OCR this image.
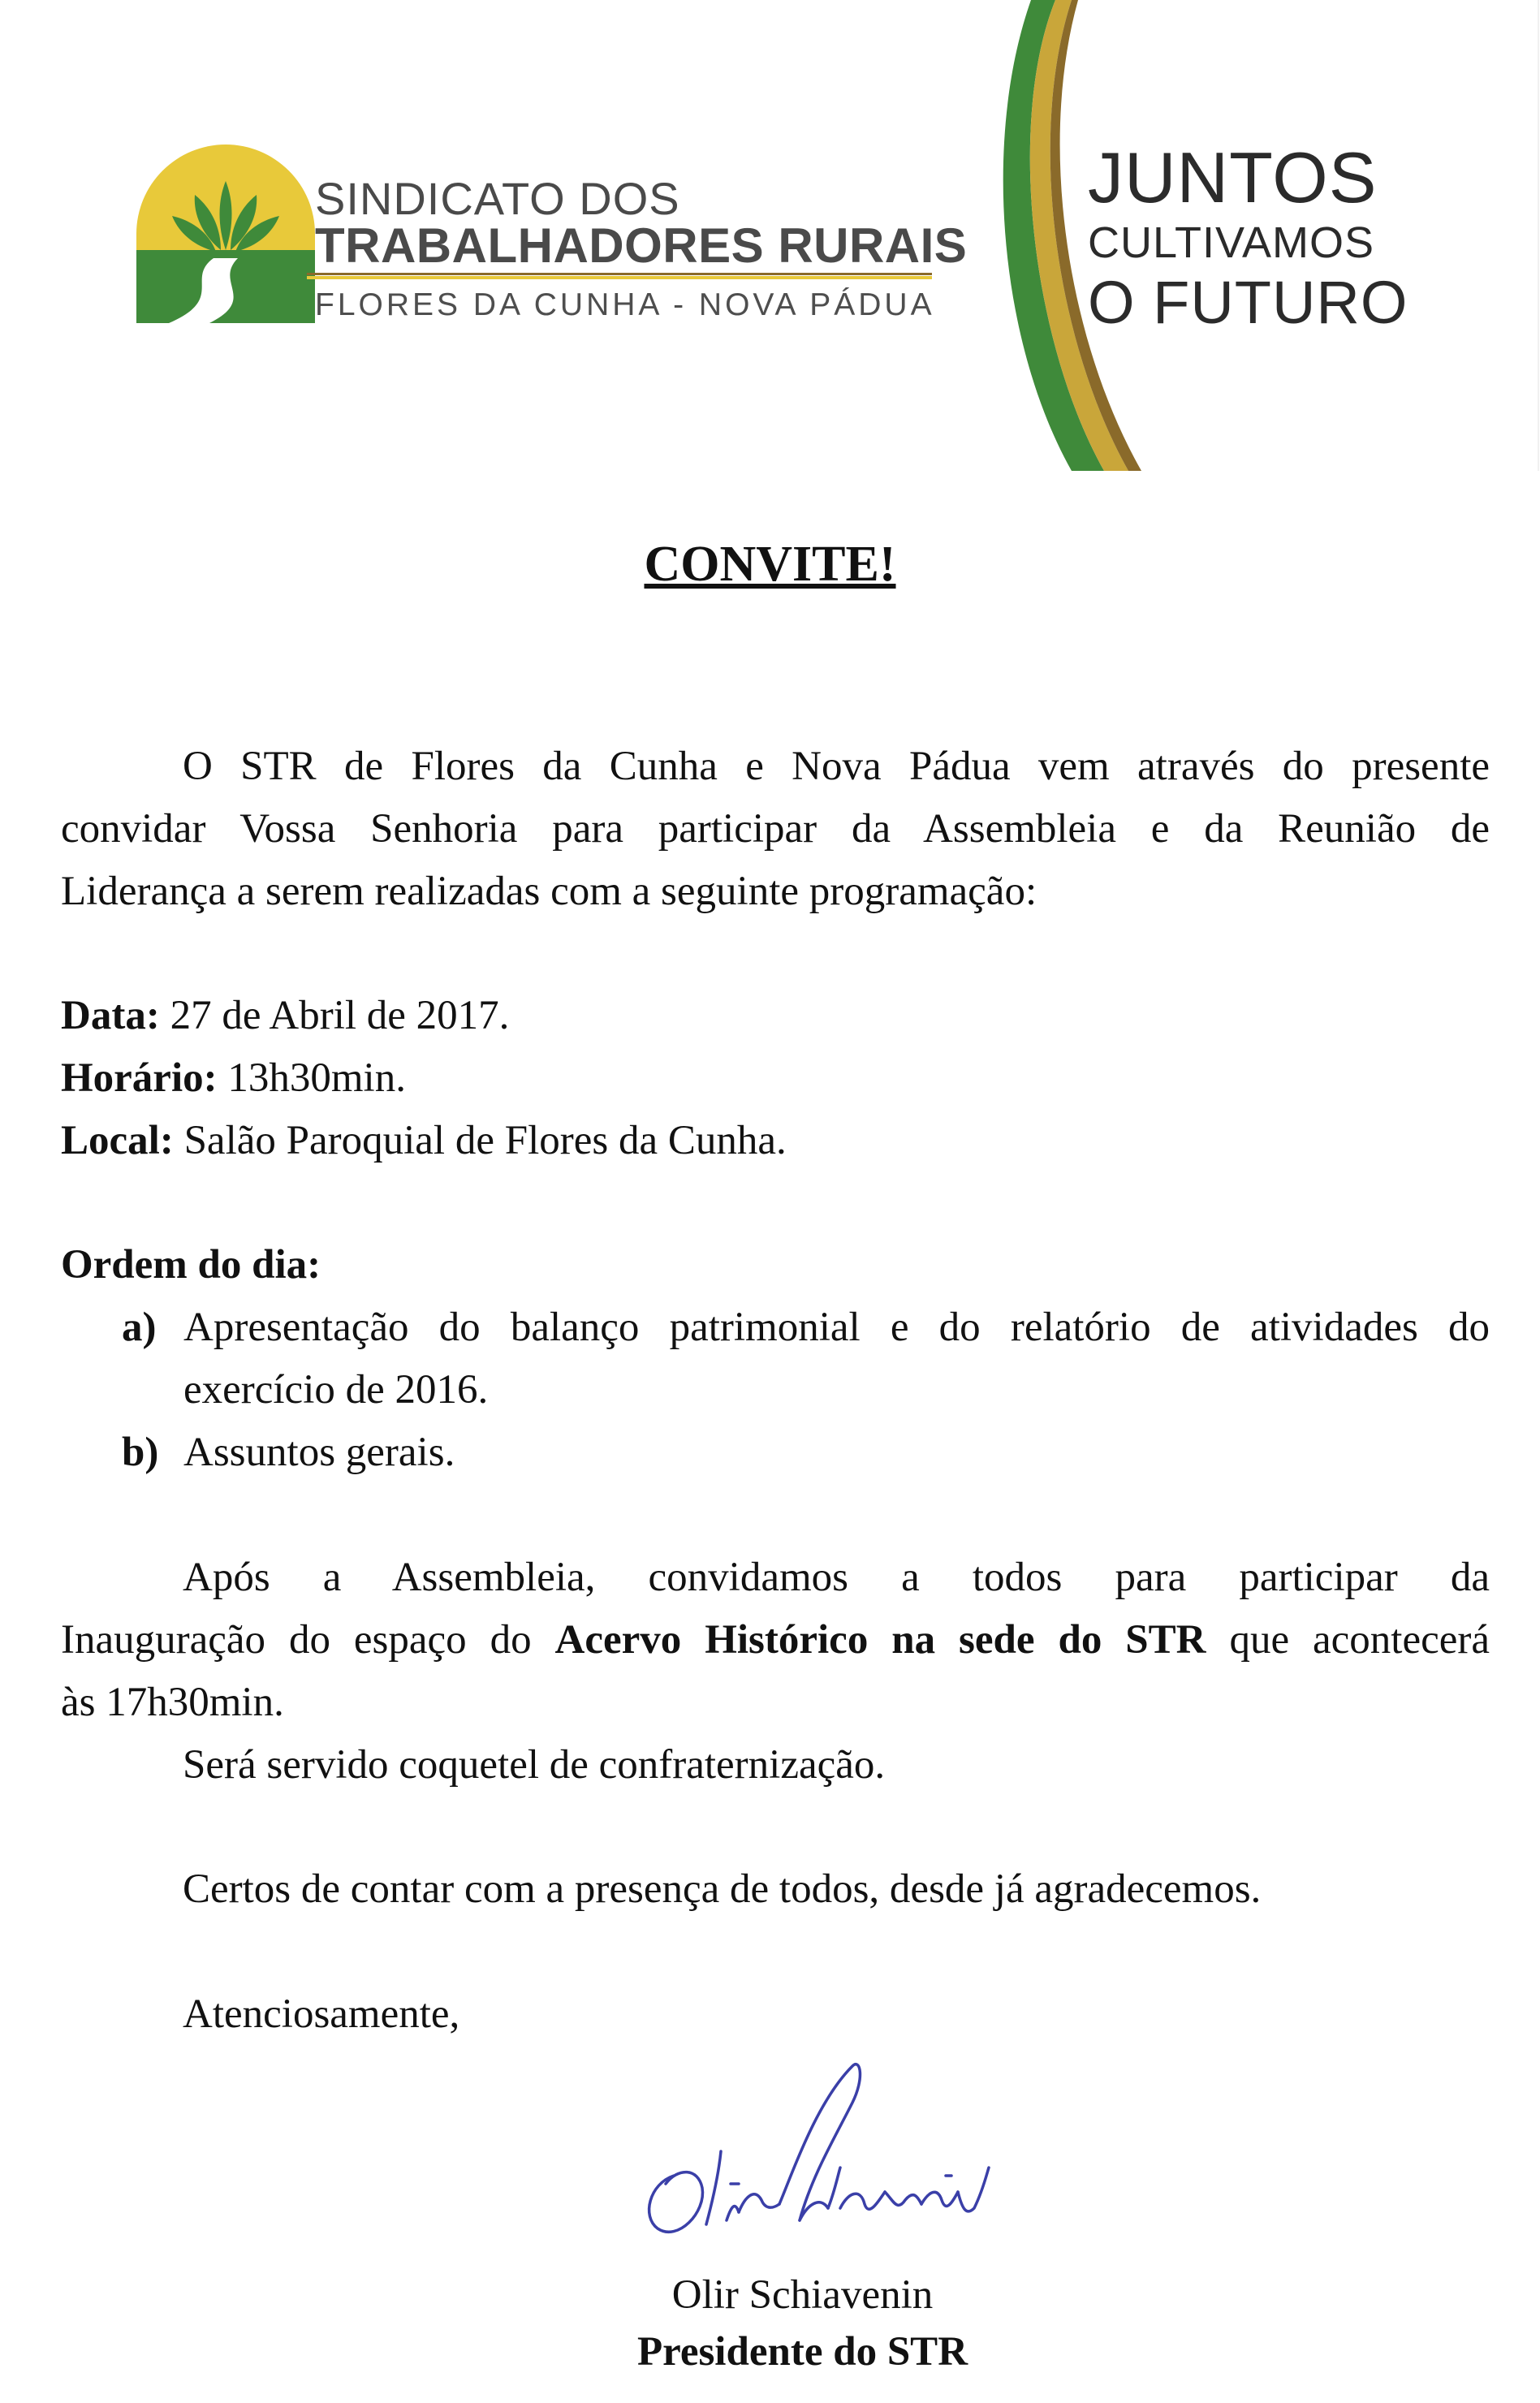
SINDICATO DOS
TRABALHADORES RURAIS
FLORES DA CUNHA - NOVA PÁDUA
JUNTOS
CULTIVAMOS
O FUTURO
CONVITE!
O STR de Flores da Cunha e Nova Pádua vem através do presente
convidar Vossa Senhoria para participar da Assembleia e da Reunião de
Liderança a serem realizadas com a seguinte programação:
Data: 27 de Abril de 2017.
Horário: 13h30min.
Local: Salão Paroquial de Flores da Cunha.
Ordem do dia:
a) Apresentação do balanço patrimonial e do relatório de atividades do
exercício de 2016.
b) Assuntos gerais.
Após a Assembleia, convidamos a todos para participar da
Inauguração do espaço do Acervo Histórico na sede do STR que acontecerá
às 17h30min.
Será servido coquetel de confraternização.
Certos de contar com a presença de todos, desde já agradecemos.
Atenciosamente,
Olir Schiavenin
Presidente do STR
